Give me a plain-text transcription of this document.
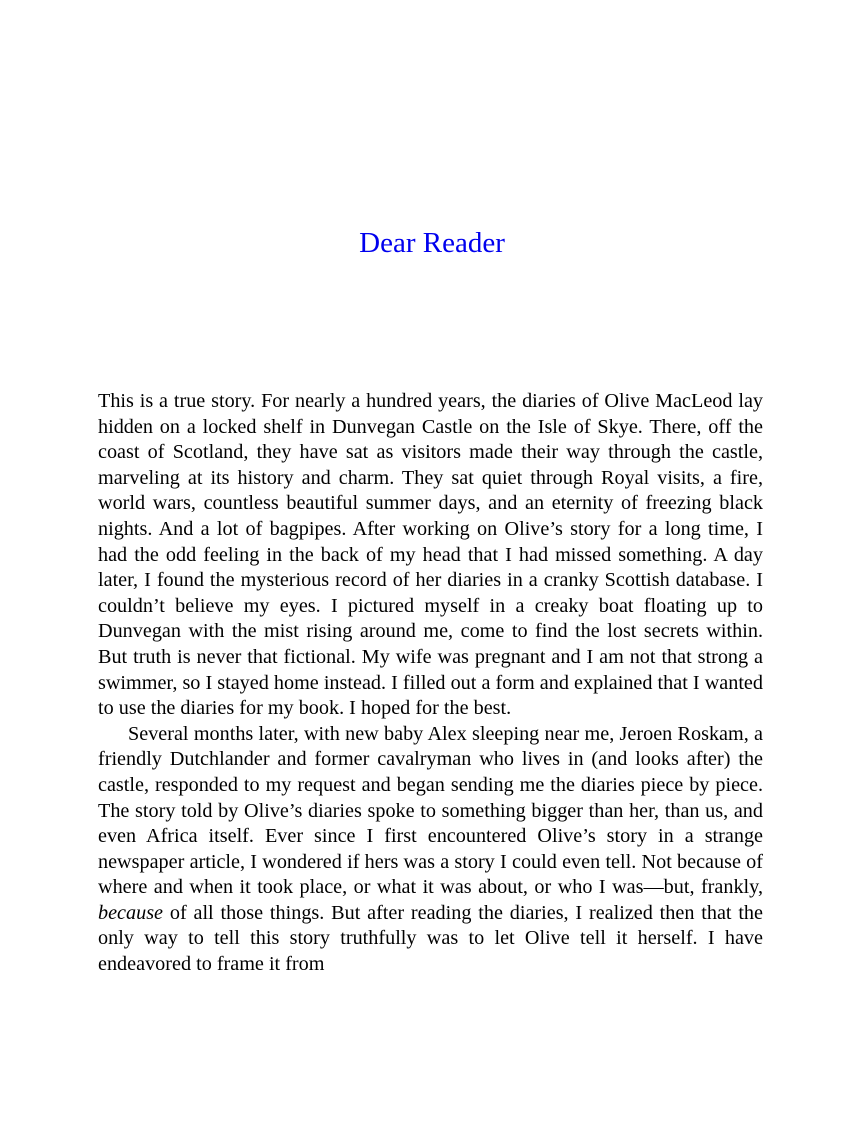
Dear Reader

This is a true story. For nearly a hundred years, the diaries of Olive MacLeod lay hidden on a locked shelf in Dunvegan Castle on the Isle of Skye. There, off the coast of Scotland, they have sat as visitors made their way through the castle, marveling at its history and charm. They sat quiet through Royal visits, a fire, world wars, countless beautiful summer days, and an eternity of freezing black nights. And a lot of bagpipes. After working on Olive’s story for a long time, I had the odd feeling in the back of my head that I had missed something. A day later, I found the mysterious record of her diaries in a cranky Scottish database. I couldn’t believe my eyes. I pictured myself in a creaky boat floating up to Dunvegan with the mist rising around me, come to find the lost secrets within. But truth is never that fictional. My wife was pregnant and I am not that strong a swimmer, so I stayed home instead. I filled out a form and explained that I wanted to use the diaries for my book. I hoped for the best.

Several months later, with new baby Alex sleeping near me, Jeroen Roskam, a friendly Dutchlander and former cavalryman who lives in (and looks after) the castle, responded to my request and began sending me the diaries piece by piece. The story told by Olive’s diaries spoke to something bigger than her, than us, and even Africa itself. Ever since I first encountered Olive’s story in a strange newspaper article, I wondered if hers was a story I could even tell. Not because of where and when it took place, or what it was about, or who I was—but, frankly, because of all those things. But after reading the diaries, I realized then that the only way to tell this story truthfully was to let Olive tell it herself. I have endeavored to frame it from
